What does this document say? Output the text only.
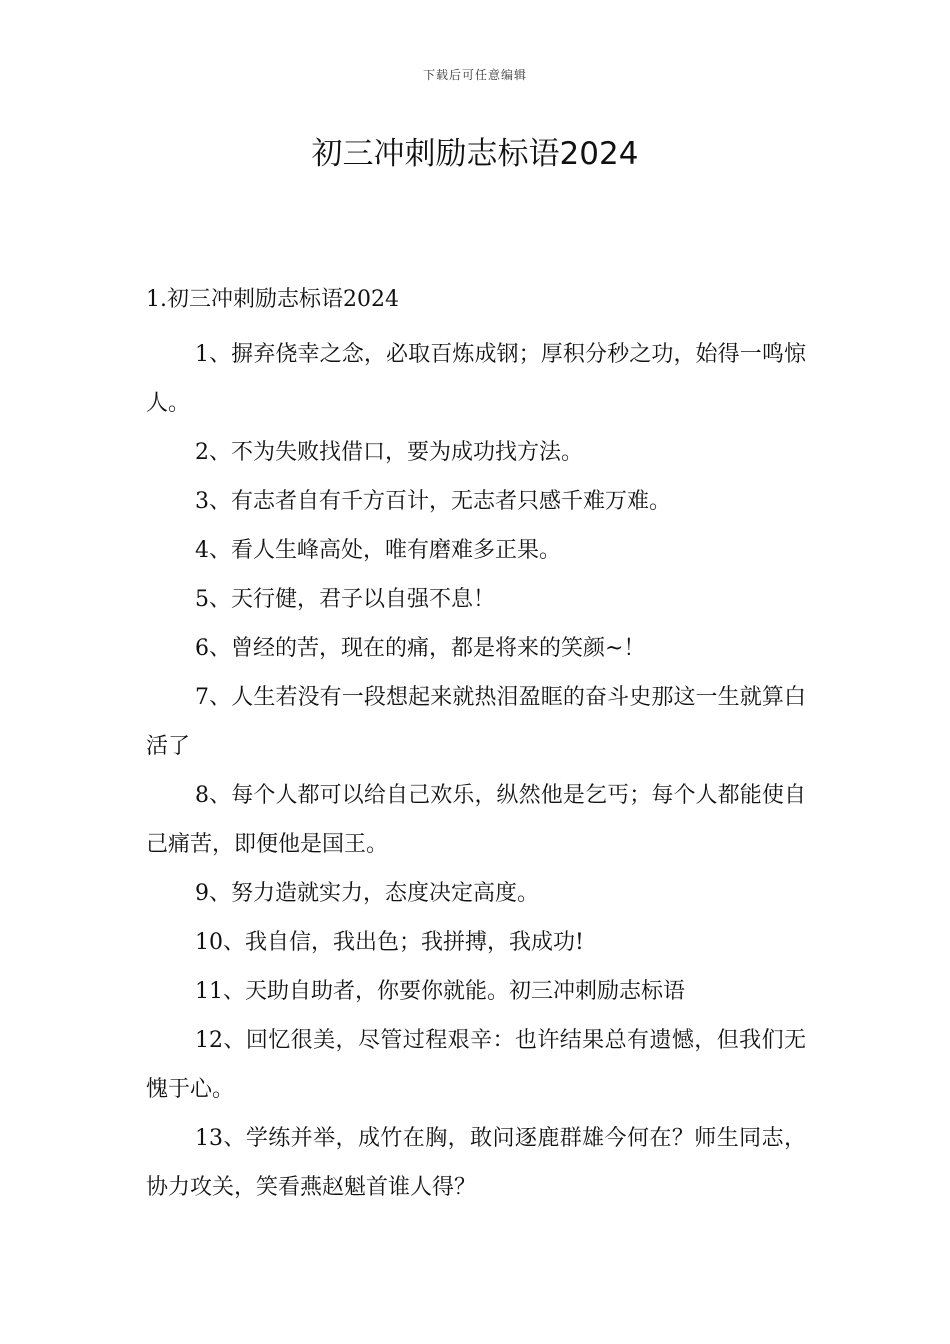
下载后可任意编辑
初三冲刺励志标语2024

1.初三冲刺励志标语2024

1、摒弃侥幸之念，必取百炼成钢；厚积分秒之功，始得一鸣惊人。

2、不为失败找借口，要为成功找方法。

3、有志者自有千方百计，无志者只感千难万难。

4、看人生峰高处，唯有磨难多正果。

5、天行健，君子以自强不息！

6、曾经的苦，现在的痛，都是将来的笑颜~！

7、人生若没有一段想起来就热泪盈眶的奋斗史那这一生就算白活了

8、每个人都可以给自己欢乐，纵然他是乞丐；每个人都能使自己痛苦，即便他是国王。

9、努力造就实力，态度决定高度。

10、我自信，我出色；我拼搏，我成功!

11、天助自助者，你要你就能。初三冲刺励志标语

12、回忆很美，尽管过程艰辛：也许结果总有遗憾，但我们无愧于心。

13、学练并举，成竹在胸，敢问逐鹿群雄今何在？师生同志，协力攻关，笑看燕赵魁首谁人得？
